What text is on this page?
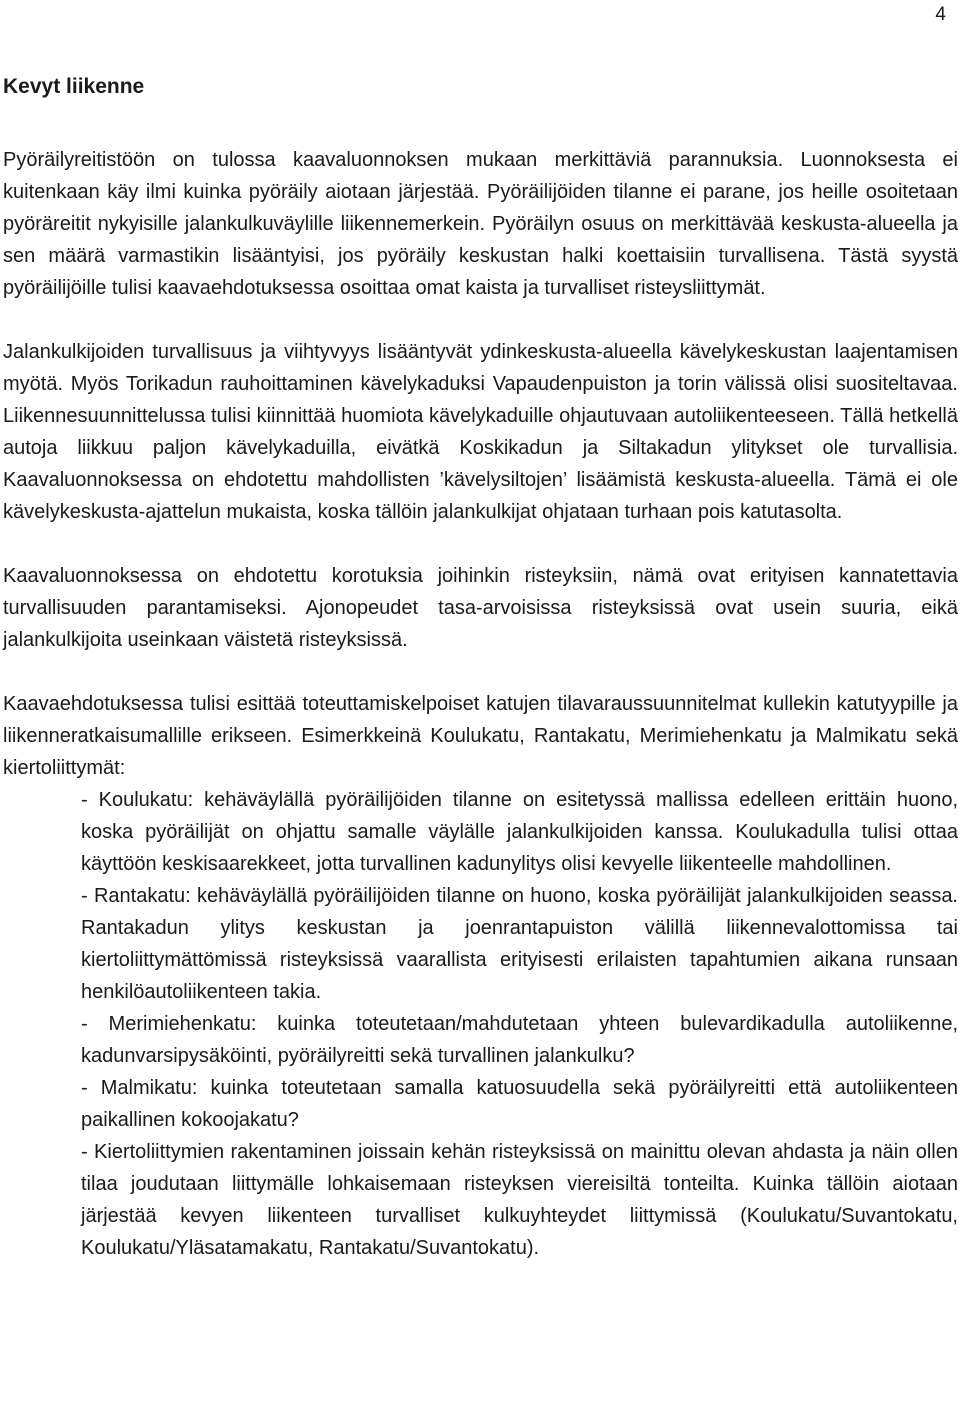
4
Kevyt liikenne

Pyöräilyreitistöön on tulossa kaavaluonnoksen mukaan merkittäviä parannuksia. Luonnoksesta ei kuitenkaan käy ilmi kuinka pyöräily aiotaan järjestää. Pyöräilijöiden tilanne ei parane, jos heille osoitetaan pyöräreitit nykyisille jalankulkuväylille liikennemerkein. Pyöräilyn osuus on merkittävää keskusta-alueella ja sen määrä varmastikin lisääntyisi, jos pyöräily keskustan halki koettaisiin turvallisena. Tästä syystä pyöräilijöille tulisi kaavaehdotuksessa osoittaa omat kaista ja turvalliset risteysliittymät.

Jalankulkijoiden turvallisuus ja viihtyvyys lisääntyvät ydinkeskusta-alueella kävelykeskustan laajentamisen myötä. Myös Torikadun rauhoittaminen kävelykaduksi Vapaudenpuiston ja torin välissä olisi suositeltavaa. Liikennesuunnittelussa tulisi kiinnittää huomiota kävelykaduille ohjautuvaan autoliikenteeseen. Tällä hetkellä autoja liikkuu paljon kävelykaduilla, eivätkä Koskikadun ja Siltakadun ylitykset ole turvallisia. Kaavaluonnoksessa on ehdotettu mahdollisten ’kävelysiltojen’ lisäämistä keskusta-alueella. Tämä ei ole kävelykeskusta-ajattelun mukaista, koska tällöin jalankulkijat ohjataan turhaan pois katutasolta.

Kaavaluonnoksessa on ehdotettu korotuksia joihinkin risteyksiin, nämä ovat erityisen kannatettavia turvallisuuden parantamiseksi. Ajonopeudet tasa-arvoisissa risteyksissä ovat usein suuria, eikä jalankulkijoita useinkaan väistetä risteyksissä.

Kaavaehdotuksessa tulisi esittää toteuttamiskelpoiset katujen tilavaraussuunnitelmat kullekin katutyypille ja liikenneratkaisumallille erikseen. Esimerkkeinä Koulukatu, Rantakatu, Merimiehenkatu ja Malmikatu sekä kiertoliittymät:

- Koulukatu: kehäväylällä pyöräilijöiden tilanne on esitetyssä mallissa edelleen erittäin huono, koska pyöräilijät on ohjattu samalle väylälle jalankulkijoiden kanssa. Koulukadulla tulisi ottaa käyttöön keskisaarekkeet, jotta turvallinen kadunylitys olisi kevyelle liikenteelle mahdollinen.
- Rantakatu: kehäväylällä pyöräilijöiden tilanne on huono, koska pyöräilijät jalankulkijoiden seassa. Rantakadun ylitys keskustan ja joenrantapuiston välillä liikennevalottomissa tai kiertoliittymättömissä risteyksissä vaarallista erityisesti erilaisten tapahtumien aikana runsaan henkilöautoliikenteen takia.
- Merimiehenkatu: kuinka toteutetaan/mahdutetaan yhteen bulevardikadulla autoliikenne, kadunvarsipysäköinti, pyöräilyreitti sekä turvallinen jalankulku?
- Malmikatu: kuinka toteutetaan samalla katuosuudella sekä pyöräilyreitti että autoliikenteen paikallinen kokoojakatu?
- Kiertoliittymien rakentaminen joissain kehän risteyksissä on mainittu olevan ahdasta ja näin ollen tilaa joudutaan liittymälle lohkaisemaan risteyksen viereisiltä tonteilta. Kuinka tällöin aiotaan järjestää kevyen liikenteen turvalliset kulkuyhteydet liittymissä (Koulukatu/Suvantokatu, Koulukatu/Yläsatamakatu, Rantakatu/Suvantokatu).
